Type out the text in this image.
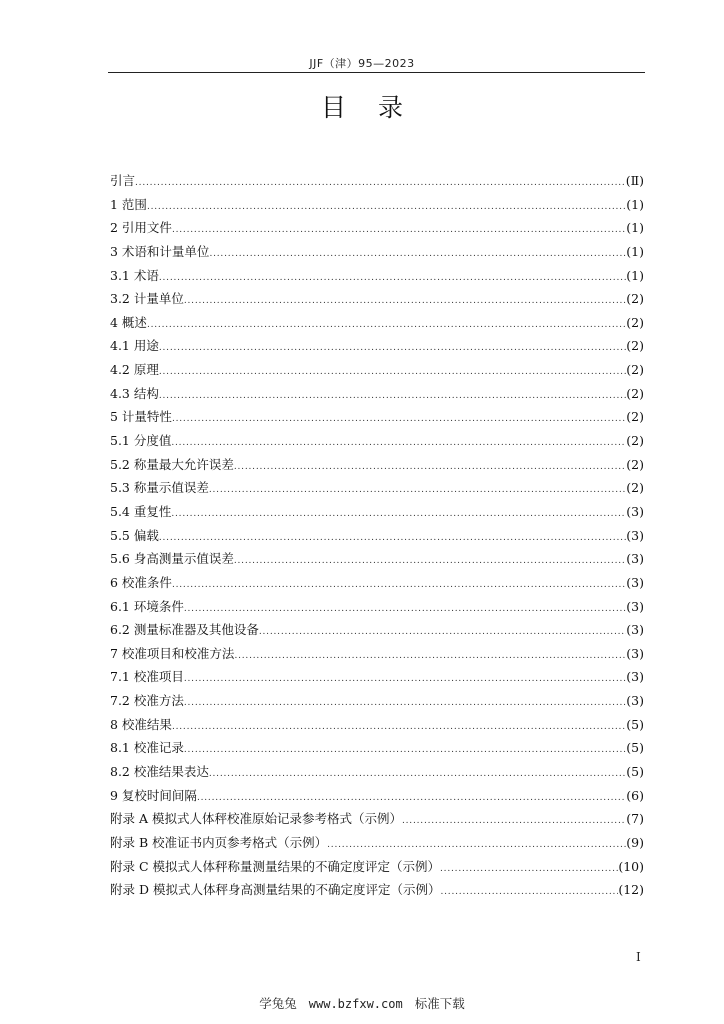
JJF（津）95—2023
目录
引言 .....	(Ⅱ)
1 范围 .....	(1)
2 引用文件 .....	(1)
3 术语和计量单位 .....	(1)
3.1 术语 .....	(1)
3.2 计量单位 .....	(2)
4 概述 .....	(2)
4.1 用途 .....	(2)
4.2 原理 .....	(2)
4.3 结构 .....	(2)
5 计量特性 .....	(2)
5.1 分度值 .....	(2)
5.2 称量最大允许误差 .....	(2)
5.3 称量示值误差 .....	(2)
5.4 重复性 .....	(3)
5.5 偏载 .....	(3)
5.6 身高测量示值误差 .....	(3)
6 校准条件 .....	(3)
6.1 环境条件 .....	(3)
6.2 测量标准器及其他设备 .....	(3)
7 校准项目和校准方法 .....	(3)
7.1 校准项目 .....	(3)
7.2 校准方法 .....	(3)
8 校准结果 .....	(5)
8.1 校准记录 .....	(5)
8.2 校准结果表达 .....	(5)
9 复校时间间隔 .....	(6)
附录 A 模拟式人体秤校准原始记录参考格式（示例） .....	(7)
附录 B 校准证书内页参考格式（示例） .....	(9)
附录 C 模拟式人体秤称量测量结果的不确定度评定（示例） .....	(10)
附录 D 模拟式人体秤身高测量结果的不确定度评定（示例） .....	(12)
I
学兔兔 www.bzfxw.com 标准下载
